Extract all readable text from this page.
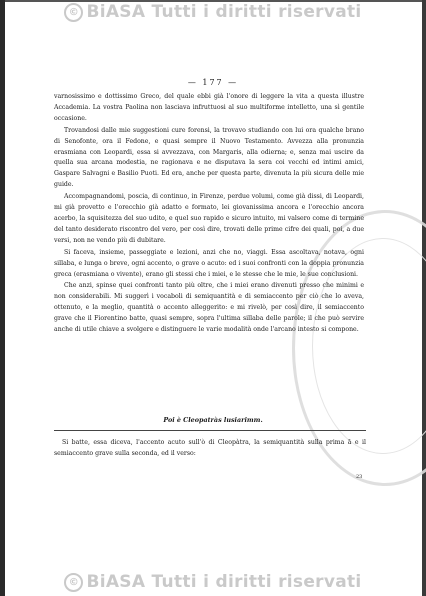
© BiASA Tutti i diritti riservati
— 177 —

varnosissimo e dottissimo Greco, del quale ebbi già l'onore di leggere la vita a questa illustre Accademia. La vostra Paolina non lasciava infruttuosi al suo multiforme intelletto, una sì gentile occasione.

Trovandosi dalle mie suggestioni cure forensi, la trovavo studiando con lui ora qualche brano di Senofonte, ora il Fedone, e quasi sempre il Nuovo Testamento. Avvezza alla pronunzia erasmiana con Leopardi, essa si avvezzava, con Margaris, alla odierna; e, senza mai uscire da quella sua arcana modestia, ne ragionava e ne disputava la sera coi vecchi ed intimi amici, Gaspare Salvagni e Basilio Puoti. Ed era, anche per questa parte, divenuta la più sicura delle mie guide.

Accompagnandomi, poscia, di continuo, in Firenze, perdue volumi, come già dissi, di Leopardi, mi già provetto e l'orecchio già adatto e formato, lei giovanissima ancora e l'orecchio ancora acerbo, la squisitezza del suo udito, e quel suo rapido e sicuro intuito, mi valsero come di termine del tanto desiderato riscontro del vero, per così dire, trovati delle prime cifre dei quali, poi, a due versi, non ne vendo più di dubitare.

Si faceva, insieme, passeggiate e lezioni, anzi che no, viaggi. Essa ascoltava, notava, ogni sillaba, e lunga o breve, ogni accento, o grave o acuto: ed i suoi confronti con la doppia pronunzia greca (erasmiana o vivente), erano gli stessi che i miei, e le stesse che le mie, le sue conclusioni.

Che anzi, spinse quei confronti tanto più oltre, che i miei erano divenuti presso che minimi e non considerabili. Mi suggerì i vocaboli di semiquantità e di semiaccento per ciò che lo aveva, ottenuto, e la meglio, quantità o accento alleggerito: e mi rivelò, per così dire, il semiaccento grave che il Fiorentino batte, quasi sempre, sopra l'ultima sillaba delle parole; il che può servire anche di utile chiave a svolgere e distinguere le varie modalità onde l'arcano intesto si compone.

Poi è Cleopatràs lusiarimm.

Si batte, essa diceva, l'accento acuto sull'ò di Cleopàtra, la semiquantità sulla prima ā e il semiaccento grave sulla seconda, ed il verso:

23
© BiASA Tutti i diritti riservati
